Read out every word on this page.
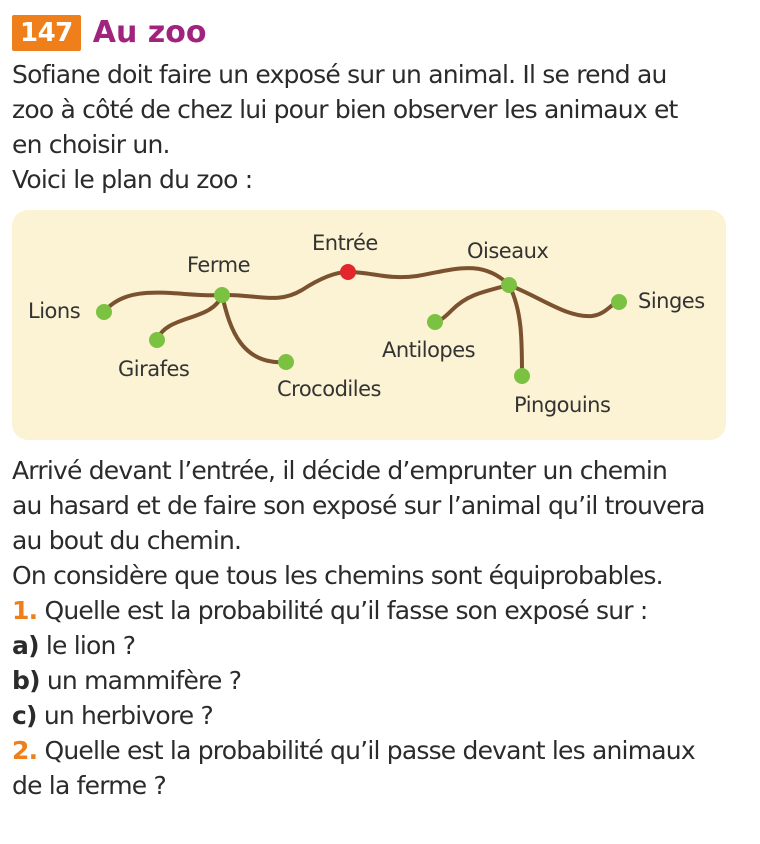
147 Au zoo
Sofiane doit faire un exposé sur un animal. Il se rend au
zoo à côté de chez lui pour bien observer les animaux et
en choisir un.
Voici le plan du zoo :
Entrée
Ferme
Oiseaux
Lions
Girafes
Crocodiles
Antilopes
Pingouins
Singes
Arrivé devant l’entrée, il décide d’emprunter un chemin
au hasard et de faire son exposé sur l’animal qu’il trouvera
au bout du chemin.
On considère que tous les chemins sont équiprobables.
1. Quelle est la probabilité qu’il fasse son exposé sur :
a) le lion ?
b) un mammifère ?
c) un herbivore ?
2. Quelle est la probabilité qu’il passe devant les animaux
de la ferme ?
